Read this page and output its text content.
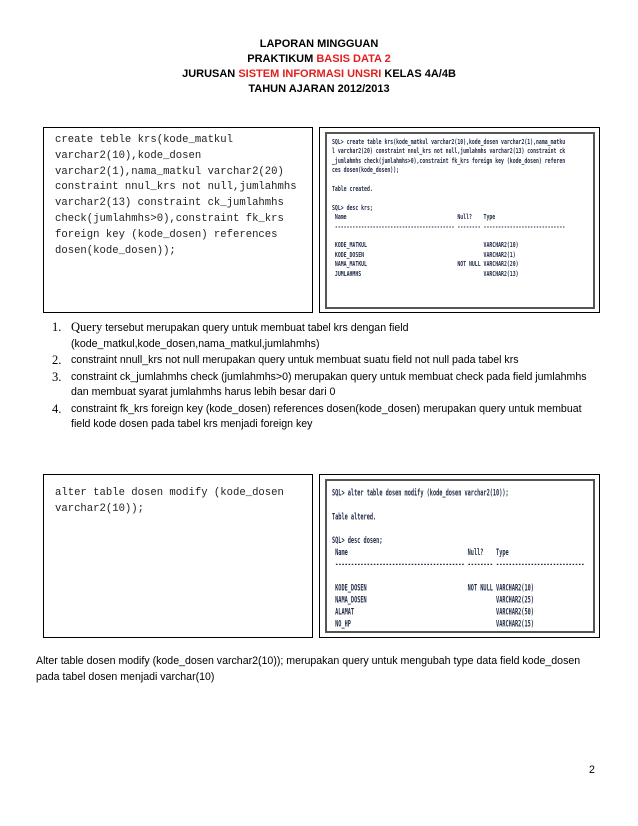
LAPORAN MINGGUAN
PRAKTIKUM BASIS DATA 2
JURUSAN SISTEM INFORMASI UNSRI KELAS 4A/4B
TAHUN AJARAN 2012/2013
create teble krs(kode_matkul
varchar2(10),kode_dosen
varchar2(1),nama_matkul varchar2(20)
constraint nnul_krs not null,jumlahmhs
varchar2(13) constraint ck_jumlahmhs
check(jumlahmhs>0),constraint fk_krs
foreign key (kode_dosen) references
dosen(kode_dosen));
SQL> create table krs(kode_matkul varchar2(10),kode_dosen varchar2(1),nama_matku
l varchar2(20) constraint nnul_krs not null,jumlahmhs varchar2(13) constraint ck
_jumlahmhs check(jumlahmhs>0),constraint fk_krs foreign key (kode_dosen) referen
ces dosen(kode_dosen));

Table created.

SQL> desc krs;
Name                                      Null?    Type
----------------------------------------- -------- ----------------------------

KODE_MATKUL                                        VARCHAR2(10)
KODE_DOSEN                                         VARCHAR2(1)
NAMA_MATKUL                               NOT NULL VARCHAR2(20)
JUMLAHMHS                                          VARCHAR2(13)
1. Query tersebut merupakan query untuk membuat tabel krs dengan field (kode_matkul,kode_dosen,nama_matkul,jumlahmhs)
2. constraint nnull_krs not null merupakan query untuk membuat suatu field not null pada tabel krs
3. constraint ck_jumlahmhs check (jumlahmhs>0) merupakan query untuk membuat check pada field jumlahmhs dan membuat syarat jumlahmhs harus lebih besar dari 0
4. constraint fk_krs foreign key (kode_dosen) references dosen(kode_dosen) merupakan query untuk membuat field kode dosen pada tabel krs menjadi foreign key
alter table dosen modify (kode_dosen
varchar2(10));
SQL> alter table dosen modify (kode_dosen varchar2(10));

Table altered.

SQL> desc dosen;
Name                                      Null?    Type
----------------------------------------- -------- ----------------------------

KODE_DOSEN                                NOT NULL VARCHAR2(10)
NAMA_DOSEN                                         VARCHAR2(25)
ALAMAT                                             VARCHAR2(50)
NO_HP                                              VARCHAR2(15)
Alter table dosen modify (kode_dosen varchar2(10)); merupakan query untuk mengubah type data field kode_dosen pada tabel dosen menjadi varchar(10)
2
